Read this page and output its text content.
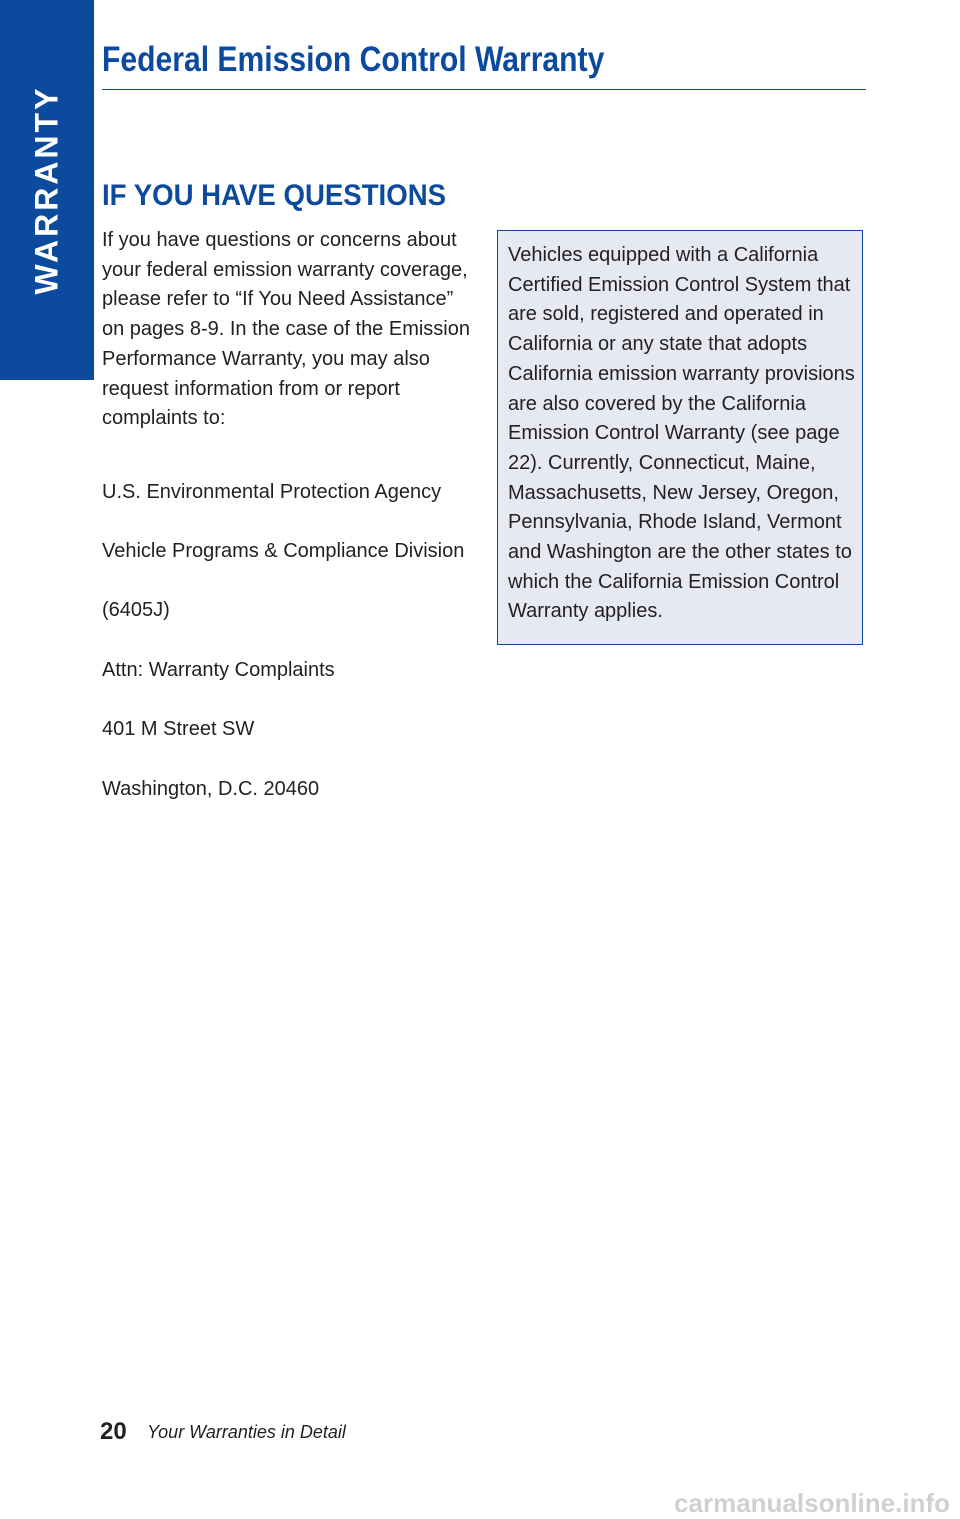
WARRANTY
Federal Emission Control Warranty
IF YOU HAVE QUESTIONS

If you have questions or concerns about
your federal emission warranty coverage,
please refer to “If You Need Assistance”
on pages 8-9. In the case of the Emission
Performance Warranty, you may also
request information from or report
complaints to:

U.S. Environmental Protection Agency

Vehicle Programs & Compliance Division

(6405J)

Attn: Warranty Complaints

401 M Street SW

Washington, D.C. 20460

Vehicles equipped with a California
Certified Emission Control System that
are sold, registered and operated in
California or any state that adopts
California emission warranty provisions
are also covered by the California
Emission Control Warranty (see page
22). Currently, Connecticut, Maine,
Massachusetts, New Jersey, Oregon,
Pennsylvania, Rhode Island, Vermont
and Washington are the other states to
which the California Emission Control
Warranty applies.
20 Your Warranties in Detail
carmanualsonline.info
